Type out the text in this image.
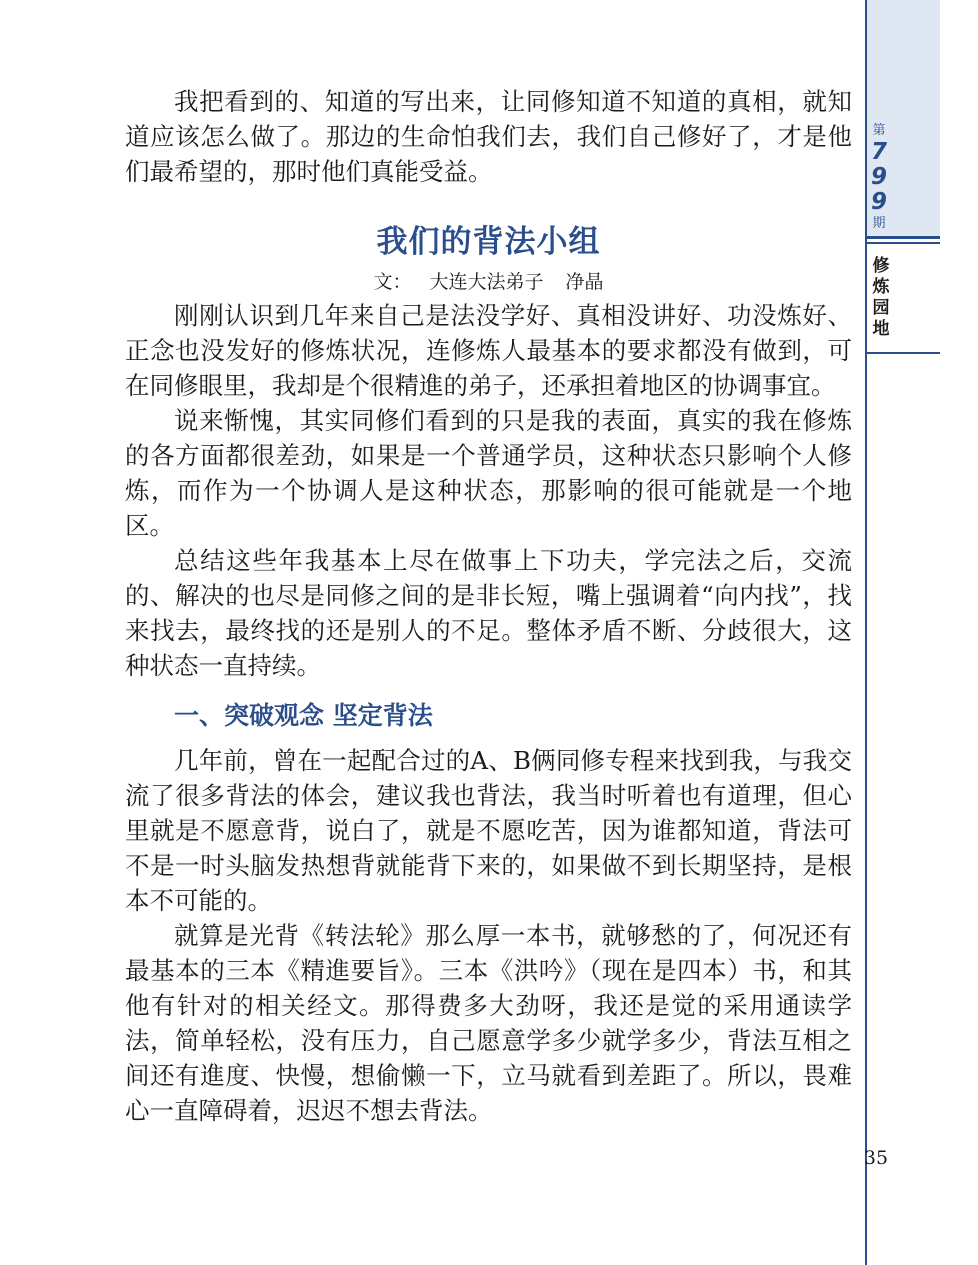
第
7
9
9
期
修
炼
园
地

我把看到的、知道的写出来，让同修知道不知道的真相，就知道应该怎么做了。那边的生命怕我们去，我们自己修好了，才是他们最希望的，那时他们真能受益。

我们的背法小组
文： 大连大法弟子 净晶

刚刚认识到几年来自己是法没学好、真相没讲好、功没炼好、正念也没发好的修炼状况，连修炼人最基本的要求都没有做到，可在同修眼里，我却是个很精進的弟子，还承担着地区的协调事宜。

说来惭愧，其实同修们看到的只是我的表面，真实的我在修炼的各方面都很差劲，如果是一个普通学员，这种状态只影响个人修炼，而作为一个协调人是这种状态，那影响的很可能就是一个地区。

总结这些年我基本上尽在做事上下功夫，学完法之后，交流的、解决的也尽是同修之间的是非长短，嘴上强调着“向内找”，找来找去，最终找的还是别人的不足。整体矛盾不断、分歧很大，这种状态一直持续。

一、突破观念 坚定背法

几年前，曾在一起配合过的A、B俩同修专程来找到我，与我交流了很多背法的体会，建议我也背法，我当时听着也有道理，但心里就是不愿意背，说白了，就是不愿吃苦，因为谁都知道，背法可不是一时头脑发热想背就能背下来的，如果做不到长期坚持，是根本不可能的。

就算是光背《转法轮》那么厚一本书，就够愁的了，何况还有最基本的三本《精進要旨》。三本《洪吟》（现在是四本）书，和其他有针对的相关经文。那得费多大劲呀，我还是觉的采用通读学法，简单轻松，没有压力，自己愿意学多少就学多少，背法互相之间还有進度、快慢，想偷懒一下，立马就看到差距了。所以，畏难心一直障碍着，迟迟不想去背法。

35
